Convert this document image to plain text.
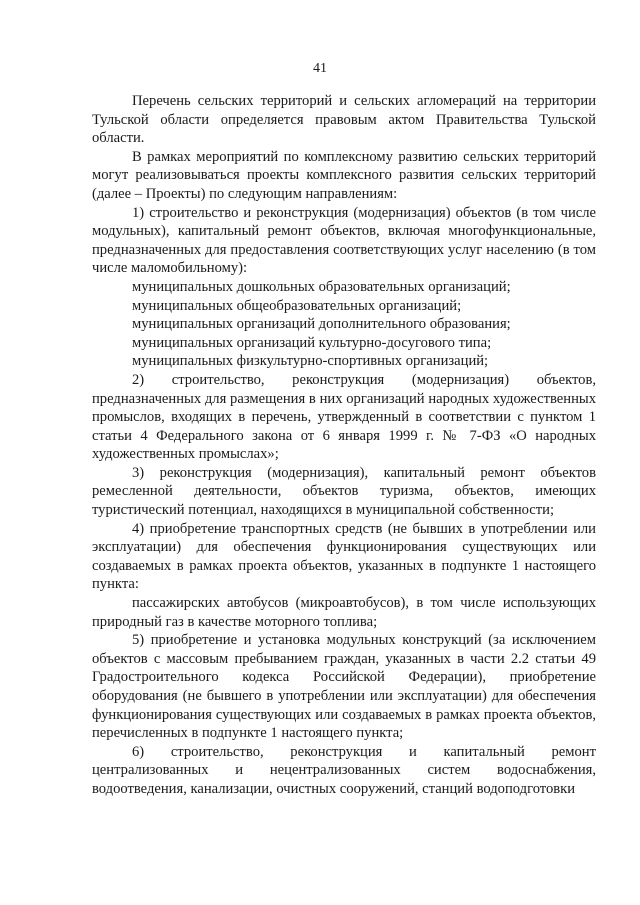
41

Перечень сельских территорий и сельских агломераций на территории Тульской области определяется правовым актом Правительства Тульской области.

В рамках мероприятий по комплексному развитию сельских территорий могут реализовываться проекты комплексного развития сельских территорий (далее – Проекты) по следующим направлениям:

1) строительство и реконструкция (модернизация) объектов (в том числе модульных), капитальный ремонт объектов, включая многофункциональные, предназначенных для предоставления соответствующих услуг населению (в том числе маломобильному):

муниципальных дошкольных образовательных организаций;

муниципальных общеобразовательных организаций;

муниципальных организаций дополнительного образования;

муниципальных организаций культурно-досугового типа;

муниципальных физкультурно-спортивных организаций;

2) строительство, реконструкция (модернизация) объектов, предназначенных для размещения в них организаций народных художественных промыслов, входящих в перечень, утвержденный в соответствии с пунктом 1 статьи 4 Федерального закона от 6 января 1999 г. № 7-ФЗ «О народных художественных промыслах»;

3) реконструкция (модернизация), капитальный ремонт объектов ремесленной деятельности, объектов туризма, объектов, имеющих туристический потенциал, находящихся в муниципальной собственности;

4) приобретение транспортных средств (не бывших в употреблении или эксплуатации) для обеспечения функционирования существующих или создаваемых в рамках проекта объектов, указанных в подпункте 1 настоящего пункта:

пассажирских автобусов (микроавтобусов), в том числе использующих природный газ в качестве моторного топлива;

5) приобретение и установка модульных конструкций (за исключением объектов с массовым пребыванием граждан, указанных в части 2.2 статьи 49 Градостроительного кодекса Российской Федерации), приобретение оборудования (не бывшего в употреблении или эксплуатации) для обеспечения функционирования существующих или создаваемых в рамках проекта объектов, перечисленных в подпункте 1 настоящего пункта;

6) строительство, реконструкция и капитальный ремонт централизованных и нецентрализованных систем водоснабжения, водоотведения, канализации, очистных сооружений, станций водоподготовки
